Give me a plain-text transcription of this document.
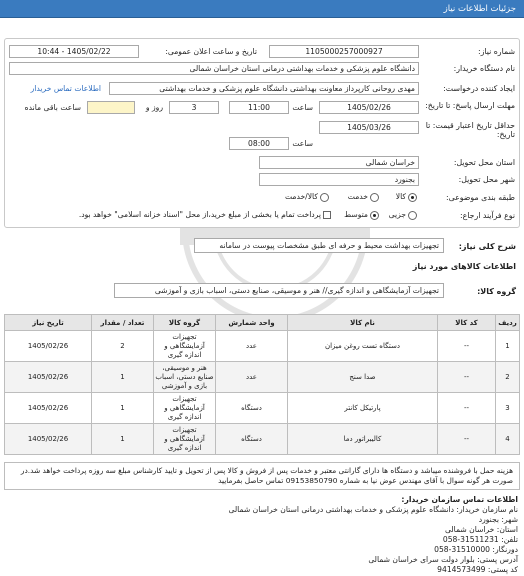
جزئیات اطلاعات نیاز
شماره نیاز:
1105000257000927
تاریخ و ساعت اعلان عمومی:
1405/02/22 - 10:44
نام دستگاه خریدار:
دانشگاه علوم پزشکی و خدمات بهداشتی درمانی استان خراسان شمالی
ایجاد کننده درخواست:
مهدی روحانی کارپرداز معاونت بهداشتی دانشگاه علوم پزشکی و خدمات بهداشتی
اطلاعات تماس خریدار
مهلت ارسال پاسخ: تا تاریخ:
1405/02/26
ساعت
11:00
3
روز و
ساعت باقی مانده
حداقل تاریخ اعتبار قیمت: تا تاریخ:
1405/03/26
ساعت
08:00
استان محل تحویل:
خراسان شمالی
شهر محل تحویل:
بجنورد
طبقه بندی موضوعی:
کالا
خدمت
کالا/خدمت
نوع فرآیند ارجاع:
جزیی
متوسط
پرداخت تمام یا بخشی از مبلغ خرید،از محل "اسناد خزانه اسلامی" خواهد بود.
شرح کلی نیاز:
تجهیزات بهداشت محیط و حرفه ای طبق مشخصات پیوست در سامانه
اطلاعات کالاهای مورد نیاز
گروه کالا:
تجهیزات آزمایشگاهی و اندازه گیری// هنر و موسیقی، صنایع دستی، اسباب بازی و آموزشی
ردیف	کد کالا	نام کالا	واحد شمارش	گروه کالا	تعداد / مقدار	تاریخ نیاز
1	--	دستگاه تست روغن میزان	عدد	تجهیزات آزمایشگاهی و اندازه گیری	2	1405/02/26
2	--	صدا سنج	عدد	هنر و موسیقی، صنایع دستی، اسباب بازی و آموزشی	1	1405/02/26
3	--	پارتیکل کانتر	دستگاه	تجهیزات آزمایشگاهی و اندازه گیری	1	1405/02/26
4	--	کالیبراتور دما	دستگاه	تجهیزات آزمایشگاهی و اندازه گیری	1	1405/02/26
هزینه حمل با فروشنده میباشد و دستگاه ها دارای گارانتی معتبر و خدمات پس از فروش و کالا پس از تحویل و تایید کارشناس مبلغ سه روزه پرداخت خواهد شد.در صورت هر گونه سوال با آقای مهندس عوض نیا به شماره 09153850790 تماس حاصل بفرمایید
اطلاعات تماس سازمان خریدار:
نام سازمان خریدار: دانشگاه علوم پزشکی و خدمات بهداشتی درمانی استان خراسان شمالی
شهر: بجنورد
استان: خراسان شمالی
تلفن: 31511231-058
دورنگار: 31510000-058
آدرس پستی: بلوار دولت سرای خراسان شمالی
کد پستی: 9414573499
